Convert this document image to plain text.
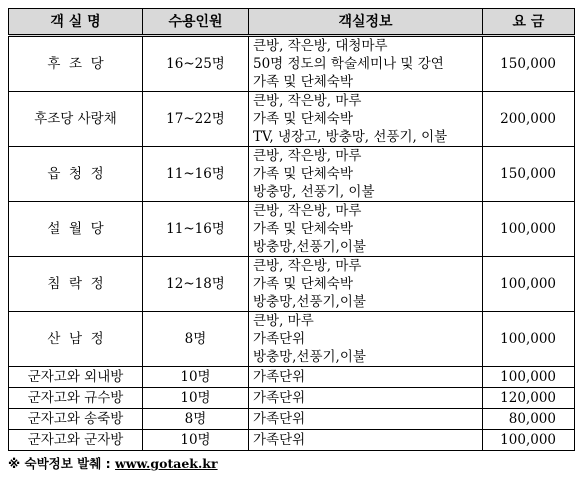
객 실 명	수용인원	객실정보	요 금
후  조  당	16~25명	큰방, 작은방, 대청마루
50명 정도의 학술세미나 및 강연
가족 및 단체숙박	150,000
후조당 사랑채	17~22명	큰방, 작은방, 마루
가족 및 단체숙박
TV, 냉장고, 방충망, 선풍기, 이불	200,000
읍  청  정	11~16명	큰방, 작은방, 마루
가족 및 단체숙박
방충망, 선풍기, 이불	150,000
설  월  당	11~16명	큰방, 작은방, 마루
가족 및 단체숙박
방충망,선풍기,이불	100,000
침  락  정	12~18명	큰방, 작은방, 마루
가족 및 단체숙박
방충망,선풍기,이불	100,000
산  남  정	8명	큰방, 마루
가족단위
방충망,선풍기,이불	100,000
군자고와 외내방	10명	가족단위	100,000
군자고와 규수방	10명	가족단위	120,000
군자고와 송죽방	8명	가족단위	80,000
군자고와 군자방	10명	가족단위	100,000
※ 숙박정보 발췌 : www.gotaek.kr
